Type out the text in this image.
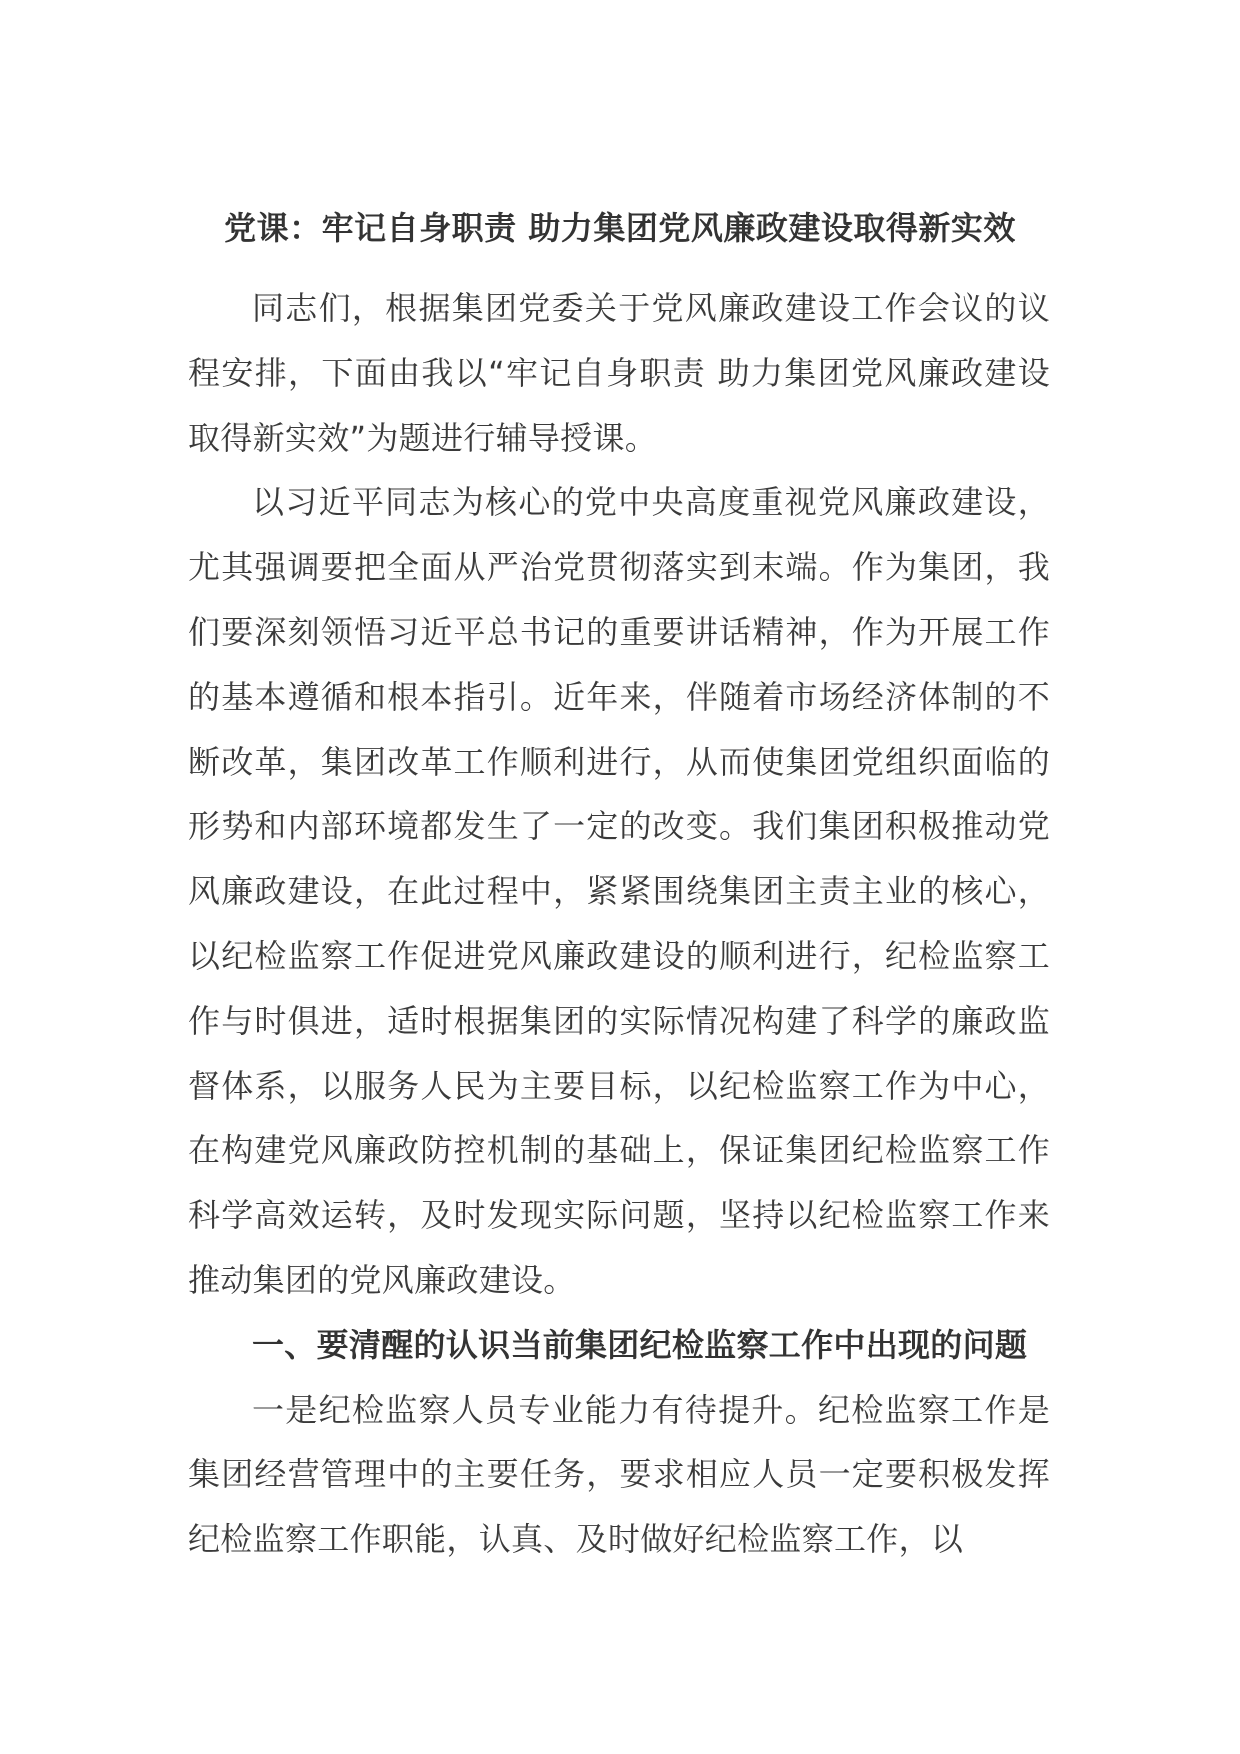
党课：牢记自身职责 助力集团党风廉政建设取得新实效

同志们，根据集团党委关于党风廉政建设工作会议的议程安排，下面由我以“牢记自身职责 助力集团党风廉政建设取得新实效”为题进行辅导授课。

以习近平同志为核心的党中央高度重视党风廉政建设，尤其强调要把全面从严治党贯彻落实到末端。作为集团，我们要深刻领悟习近平总书记的重要讲话精神，作为开展工作的基本遵循和根本指引。近年来，伴随着市场经济体制的不断改革，集团改革工作顺利进行，从而使集团党组织面临的形势和内部环境都发生了一定的改变。我们集团积极推动党风廉政建设，在此过程中，紧紧围绕集团主责主业的核心，以纪检监察工作促进党风廉政建设的顺利进行，纪检监察工作与时俱进，适时根据集团的实际情况构建了科学的廉政监督体系，以服务人民为主要目标，以纪检监察工作为中心，在构建党风廉政防控机制的基础上，保证集团纪检监察工作科学高效运转，及时发现实际问题，坚持以纪检监察工作来推动集团的党风廉政建设。

一、要清醒的认识当前集团纪检监察工作中出现的问题

一是纪检监察人员专业能力有待提升。纪检监察工作是集团经营管理中的主要任务，要求相应人员一定要积极发挥纪检监察工作职能，认真、及时做好纪检监察工作，以
